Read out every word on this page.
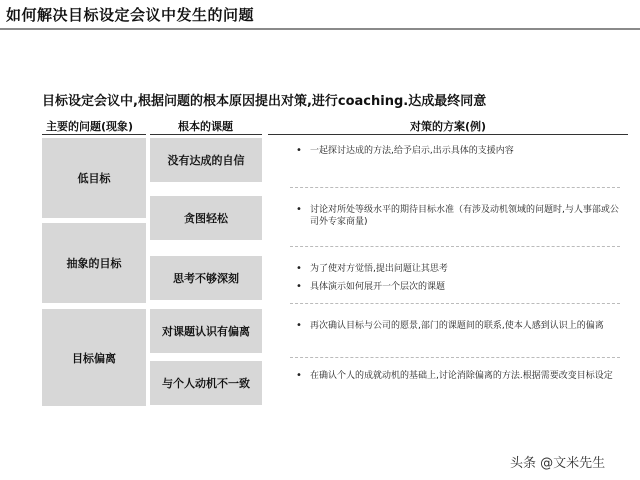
如何解决目标设定会议中发生的问题
目标设定会议中,根据问题的根本原因提出对策,进行coaching.达成最终同意
主要的问题(现象)	根本的课题	对策的方案(例)
低目标
抽象的目标
目标偏离
没有达成的自信
贪图轻松
思考不够深刻
对课题认识有偏离
与个人动机不一致
• 一起探讨达成的方法,给予启示,出示具体的支援内容
• 讨论对所处等级水平的期待目标水准（有涉及动机领域的问题时,与人事部或公司外专家商量)
• 为了使对方觉悟,提出问题让其思考
• 具体演示如何展开一个层次的课题
• 再次确认目标与公司的愿景,部门的课题间的联系,使本人感到认识上的偏离
• 在确认个人的成就动机的基础上,讨论消除偏离的方法.根据需要改变目标设定
头条 @文米先生
